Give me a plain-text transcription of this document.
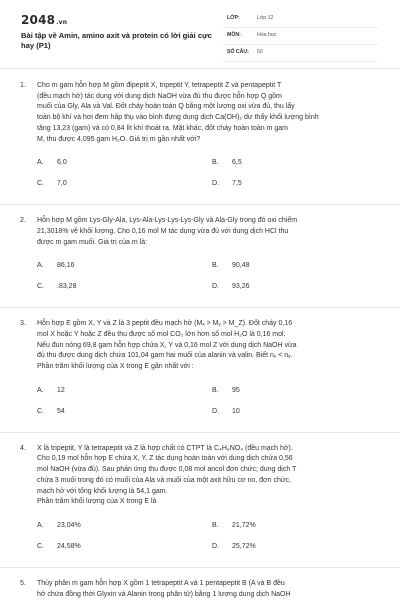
2048.vn
Bài tập về Amin, amino axit và protein có lời giải cực hay (P1)
LỚP:	Lớp 12
MÔN:	Hóa học
SỐ CÂU: 50
1. Cho m gam hỗn hợp M gồm đipeptit X, tripeptit Y, tetrapeptit Z và pentapeptit T
(đều mạch hở) tác dụng với dung dịch NaOH vừa đủ thu được hỗn hợp Q gồm
muối của Gly, Ala và Val. Đốt cháy hoàn toàn Q bằng một lượng oxi vừa đủ, thu lấy
toàn bộ khí và hơi đem hấp thụ vào bình đựng dung dịch Ca(OH)₂ dư thấy khối lượng bình
tăng 13,23 (gam) và có 0,84 lít khí thoát ra. Mặt khác, đốt cháy hoàn toàn m gam
M, thu được 4,095 gam H₂O. Giá trị m gần nhất với?
A. 6,0	B. 6,5
C. 7,0	D. 7,5
2. Hỗn hợp M gồm Lys-Gly-Ala, Lys-Ala-Lys-Lys-Lys-Gly và Ala-Gly trong đó oxi chiếm
21,3018% về khối lượng. Cho 0,16 mol M tác dụng vừa đủ với dung dịch HCl thu
được m gam muối. Giá trị của m là:
A. 86,16	B. 90,48
C. .83,28	D. 93,26
3. Hỗn hợp E gồm X, Y và Z là 3 peptit đều mạch hở (Mₓ > Mᵧ > M_Z). Đốt cháy 0,16
mol X hoặc Y hoặc Z đều thu được số mol CO₂ lớn hơn số mol H₂O là 0,16 mol.
Nếu đun nóng 69,8 gam hỗn hợp chứa X, Y và 0,16 mol Z với dung dịch NaOH vừa
đủ thu được dung dịch chứa 101,04 gam hai muối của alanin và valin. Biết nₓ < nᵧ.
Phần trăm khối lượng của X trong E gần nhất với :
A. 12	B. 95
C. 54	D. 10
4. X là tripeptit, Y là tetrapeptit và Z là hợp chất có CTPT là C₄H₉NO₄ (đều mạch hở).
Cho 0,19 mol hỗn hợp E chứa X, Y, Z tác dụng hoàn toàn với dung dịch chứa 0,56
mol NaOH (vừa đủ). Sau phản ứng thu được 0,08 mol ancol đơn chức; dung dịch T
chứa 3 muối trong đó có muối của Ala và muối của một axit hữu cơ no, đơn chức,
mạch hở với tổng khối lượng là 54,1 gam.
Phần trăm khối lượng của X trong E là
A. 23,04%	B. 21,72%
C. 24,58%	D. 25,72%
5. Thủy phân m gam hỗn hợp X gồm 1 tetrapeptit A và 1 pentapeptit B (A và B đều
hở chứa đồng thời Glyxin và Alanin trong phân tử) bằng 1 lượng dung dịch NaOH
